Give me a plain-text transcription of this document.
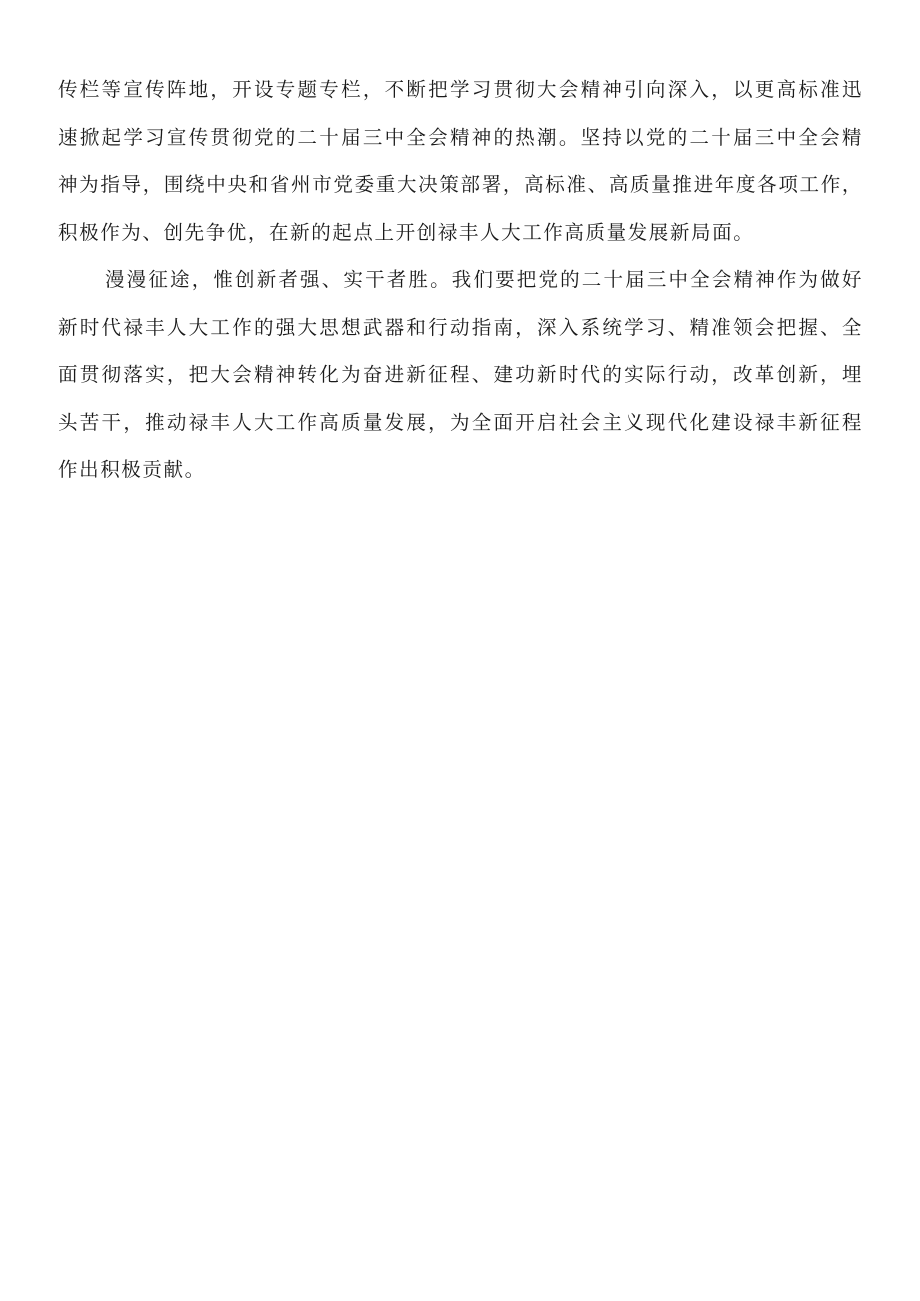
传栏等宣传阵地，开设专题专栏，不断把学习贯彻大会精神引向深入，以更高标准迅
速掀起学习宣传贯彻党的二十届三中全会精神的热潮。坚持以党的二十届三中全会精
神为指导，围绕中央和省州市党委重大决策部署，高标准、高质量推进年度各项工作，
积极作为、创先争优，在新的起点上开创禄丰人大工作高质量发展新局面。
漫漫征途，惟创新者强、实干者胜。我们要把党的二十届三中全会精神作为做好
新时代禄丰人大工作的强大思想武器和行动指南，深入系统学习、精准领会把握、全
面贯彻落实，把大会精神转化为奋进新征程、建功新时代的实际行动，改革创新，埋
头苦干，推动禄丰人大工作高质量发展，为全面开启社会主义现代化建设禄丰新征程
作出积极贡献。
